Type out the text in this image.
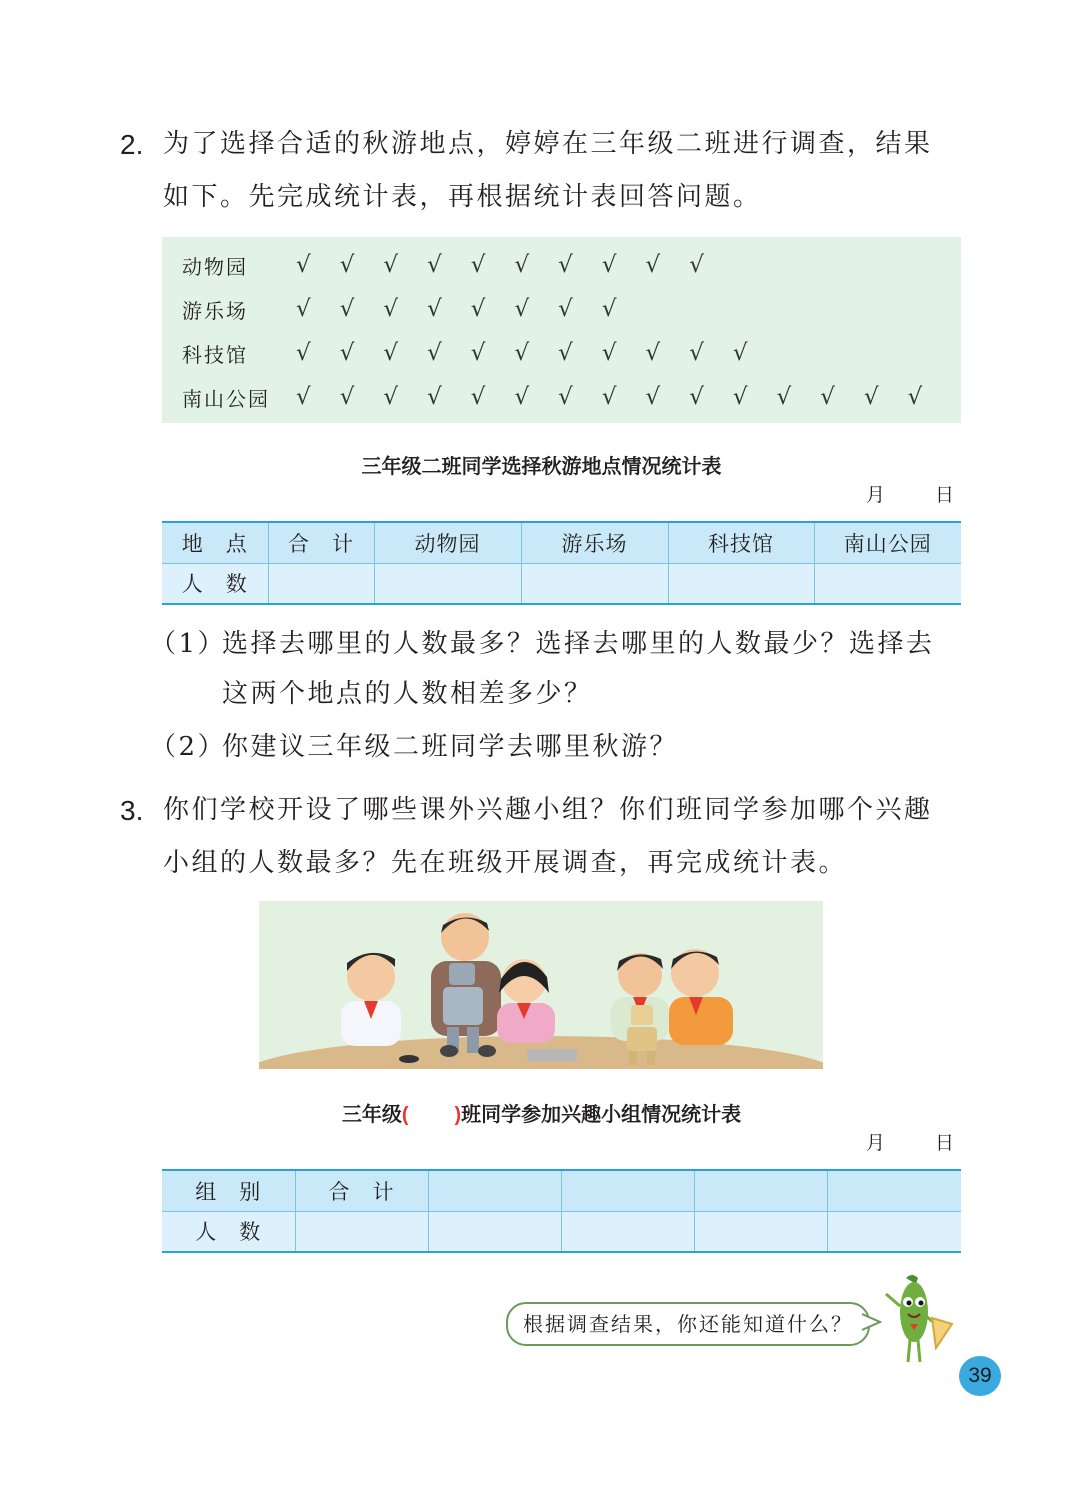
2. 为了选择合适的秋游地点，婷婷在三年级二班进行调查，结果
如下。先完成统计表，再根据统计表回答问题。
动物园	√	√	√	√	√	√	√	√	√	√
游乐场	√	√	√	√	√	√	√	√
科技馆	√	√	√	√	√	√	√	√	√	√	√
南山公园	√	√	√	√	√	√	√	√	√	√	√	√	√	√	√
三年级二班同学选择秋游地点情况统计表
月	日
地　点	合　计	动物园	游乐场	科技馆	南山公园
人　数					
（1）
选择去哪里的人数最多？选择去哪里的人数最少？选择去
这两个地点的人数相差多少？
（2）
你建议三年级二班同学去哪里秋游？
3. 你们学校开设了哪些课外兴趣小组？你们班同学参加哪个兴趣
小组的人数最多？先在班级开展调查，再完成统计表。
三年级( )班同学参加兴趣小组情况统计表
月	日
组　别	合　计				
人　数					
根据调查结果，你还能知道什么？
39
